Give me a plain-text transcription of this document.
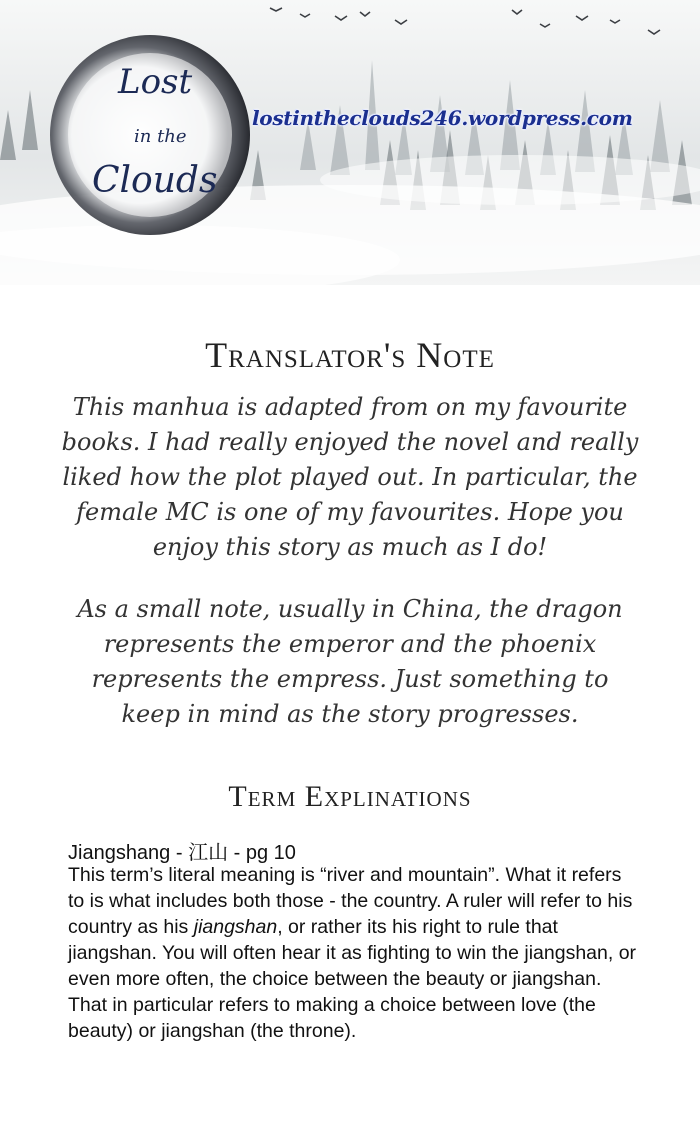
Lost
in the
Clouds
lostintheclouds246.wordpress.com
Translator's Note

This manhua is adapted from on my favourite books. I had really enjoyed the novel and really liked how the plot played out. In particular, the female MC is one of my favourites. Hope you enjoy this story as much as I do!

As a small note, usually in China, the dragon represents the emperor and the phoenix represents the empress. Just something to keep in mind as the story progresses.

Term Explinations
Jiangshang - 江山 - pg 10

This term’s literal meaning is “river and mountain”. What it refers to is what includes both those - the country. A ruler will refer to his country as his jiangshan, or rather its his right to rule that jiangshan. You will often hear it as fighting to win the jiangshan, or even more often, the choice between the beauty or jiangshan. That in particular refers to making a choice between love (the beauty) or jiangshan (the throne).
